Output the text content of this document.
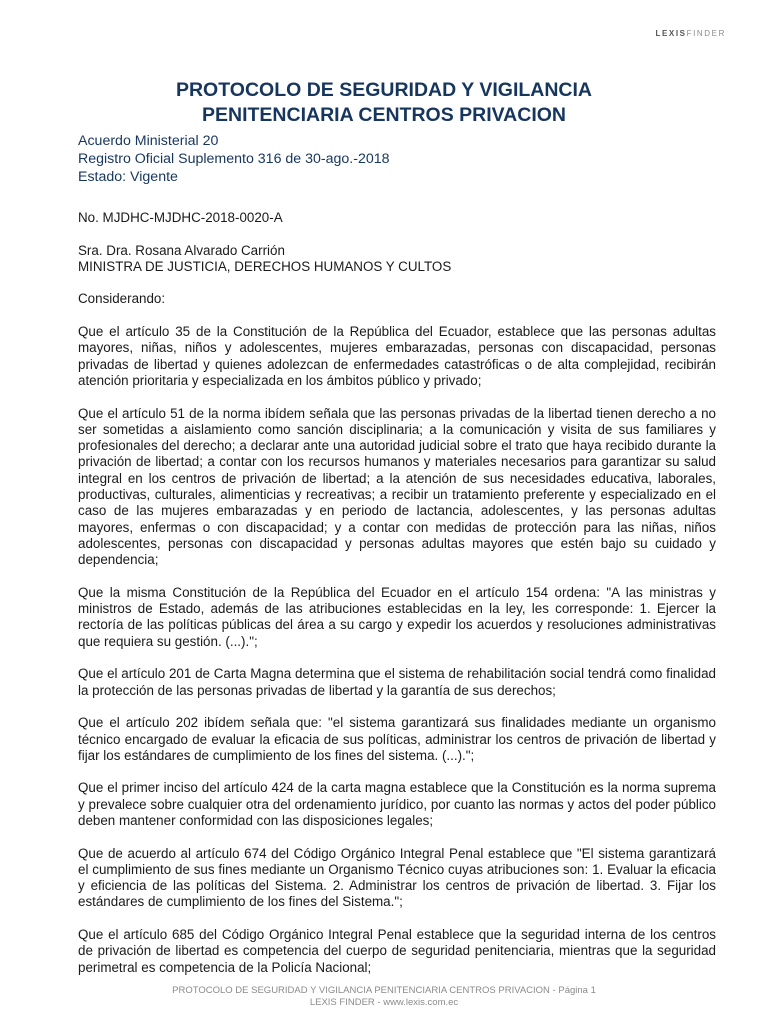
LEXISFINDER
PROTOCOLO DE SEGURIDAD Y VIGILANCIA
PENITENCIARIA CENTROS PRIVACION
Acuerdo Ministerial 20
Registro Oficial Suplemento 316 de 30-ago.-2018
Estado: Vigente

No. MJDHC-MJDHC-2018-0020-A

Sra. Dra. Rosana Alvarado Carrión
MINISTRA DE JUSTICIA, DERECHOS HUMANOS Y CULTOS

Considerando:

Que el artículo 35 de la Constitución de la República del Ecuador, establece que las personas adultas mayores, niñas, niños y adolescentes, mujeres embarazadas, personas con discapacidad, personas privadas de libertad y quienes adolezcan de enfermedades catastróficas o de alta complejidad, recibirán atención prioritaria y especializada en los ámbitos público y privado;

Que el artículo 51 de la norma ibídem señala que las personas privadas de la libertad tienen derecho a no ser sometidas a aislamiento como sanción disciplinaria; a la comunicación y visita de sus familiares y profesionales del derecho; a declarar ante una autoridad judicial sobre el trato que haya recibido durante la privación de libertad; a contar con los recursos humanos y materiales necesarios para garantizar su salud integral en los centros de privación de libertad; a la atención de sus necesidades educativa, laborales, productivas, culturales, alimenticias y recreativas; a recibir un tratamiento preferente y especializado en el caso de las mujeres embarazadas y en periodo de lactancia, adolescentes, y las personas adultas mayores, enfermas o con discapacidad; y a contar con medidas de protección para las niñas, niños adolescentes, personas con discapacidad y personas adultas mayores que estén bajo su cuidado y dependencia;

Que la misma Constitución de la República del Ecuador en el artículo 154 ordena: "A las ministras y ministros de Estado, además de las atribuciones establecidas en la ley, les corresponde: 1. Ejercer la rectoría de las políticas públicas del área a su cargo y expedir los acuerdos y resoluciones administrativas que requiera su gestión. (...).";

Que el artículo 201 de Carta Magna determina que el sistema de rehabilitación social tendrá como finalidad la protección de las personas privadas de libertad y la garantía de sus derechos;

Que el artículo 202 ibídem señala que: "el sistema garantizará sus finalidades mediante un organismo técnico encargado de evaluar la eficacia de sus políticas, administrar los centros de privación de libertad y fijar los estándares de cumplimiento de los fines del sistema. (...).";

Que el primer inciso del artículo 424 de la carta magna establece que la Constitución es la norma suprema y prevalece sobre cualquier otra del ordenamiento jurídico, por cuanto las normas y actos del poder público deben mantener conformidad con las disposiciones legales;

Que de acuerdo al artículo 674 del Código Orgánico Integral Penal establece que "El sistema garantizará el cumplimiento de sus fines mediante un Organismo Técnico cuyas atribuciones son: 1. Evaluar la eficacia y eficiencia de las políticas del Sistema. 2. Administrar los centros de privación de libertad. 3. Fijar los estándares de cumplimiento de los fines del Sistema.";

Que el artículo 685 del Código Orgánico Integral Penal establece que la seguridad interna de los centros de privación de libertad es competencia del cuerpo de seguridad penitenciaria, mientras que la seguridad perimetral es competencia de la Policía Nacional;

PROTOCOLO DE SEGURIDAD Y VIGILANCIA PENITENCIARIA CENTROS PRIVACION - Página 1
LEXIS FINDER - www.lexis.com.ec
